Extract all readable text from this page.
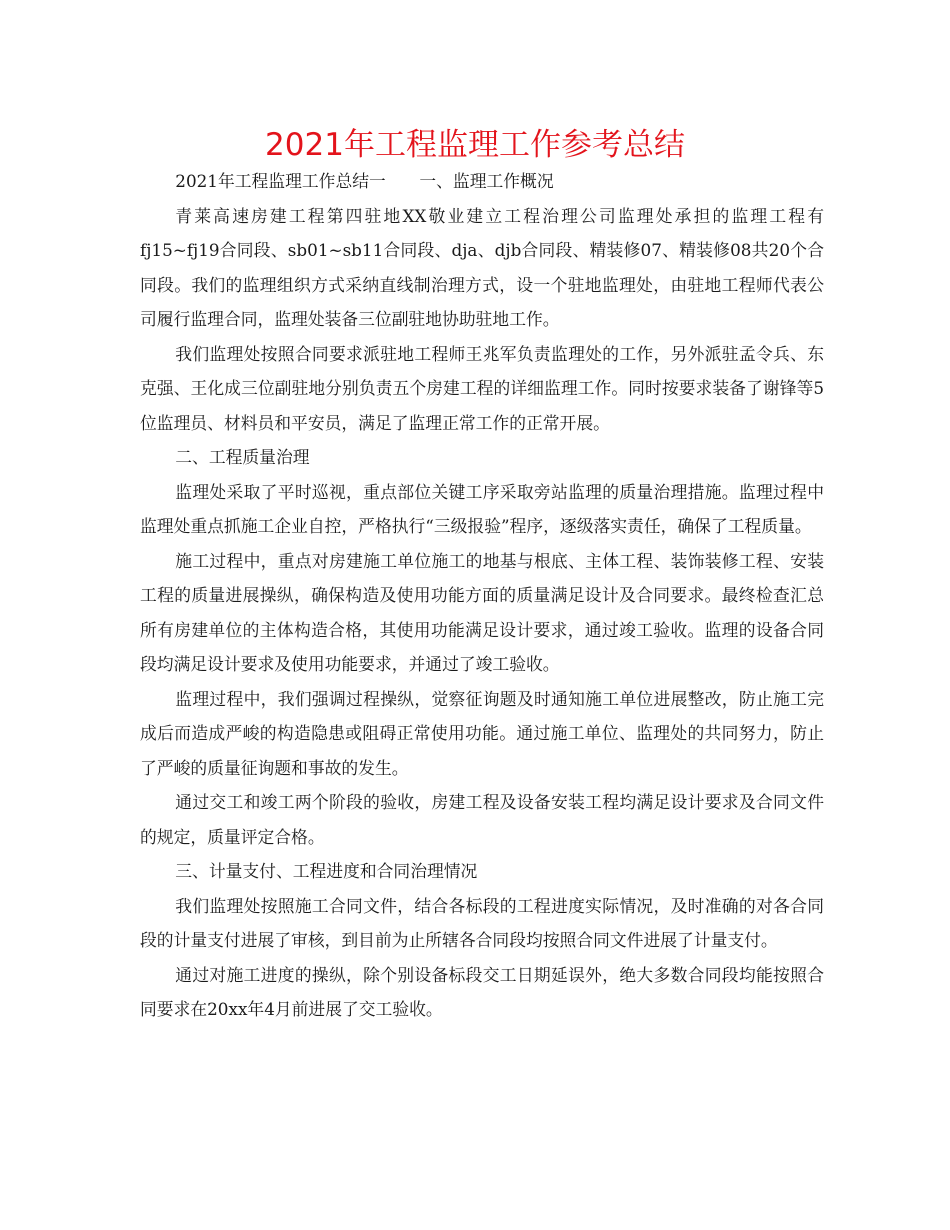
2021年工程监理工作参考总结

2021年工程监理工作总结一　　一、监理工作概况

青莱高速房建工程第四驻地XX敬业建立工程治理公司监理处承担的监理工程有fj15~fj19合同段、sb01~sb11合同段、dja、djb合同段、精装修07、精装修08共20个合同段。我们的监理组织方式采纳直线制治理方式，设一个驻地监理处，由驻地工程师代表公司履行监理合同，监理处装备三位副驻地协助驻地工作。

我们监理处按照合同要求派驻地工程师王兆军负责监理处的工作，另外派驻孟令兵、东克强、王化成三位副驻地分别负责五个房建工程的详细监理工作。同时按要求装备了谢锋等5位监理员、材料员和平安员，满足了监理正常工作的正常开展。

二、工程质量治理

监理处采取了平时巡视，重点部位关键工序采取旁站监理的质量治理措施。监理过程中监理处重点抓施工企业自控，严格执行“三级报验”程序，逐级落实责任，确保了工程质量。

施工过程中，重点对房建施工单位施工的地基与根底、主体工程、装饰装修工程、安装工程的质量进展操纵，确保构造及使用功能方面的质量满足设计及合同要求。最终检查汇总所有房建单位的主体构造合格，其使用功能满足设计要求，通过竣工验收。监理的设备合同段均满足设计要求及使用功能要求，并通过了竣工验收。

监理过程中，我们强调过程操纵，觉察征询题及时通知施工单位进展整改，防止施工完成后而造成严峻的构造隐患或阻碍正常使用功能。通过施工单位、监理处的共同努力，防止了严峻的质量征询题和事故的发生。

通过交工和竣工两个阶段的验收，房建工程及设备安装工程均满足设计要求及合同文件的规定，质量评定合格。

三、计量支付、工程进度和合同治理情况

我们监理处按照施工合同文件，结合各标段的工程进度实际情况，及时准确的对各合同段的计量支付进展了审核，到目前为止所辖各合同段均按照合同文件进展了计量支付。

通过对施工进度的操纵，除个别设备标段交工日期延误外，绝大多数合同段均能按照合同要求在20xx年4月前进展了交工验收。
